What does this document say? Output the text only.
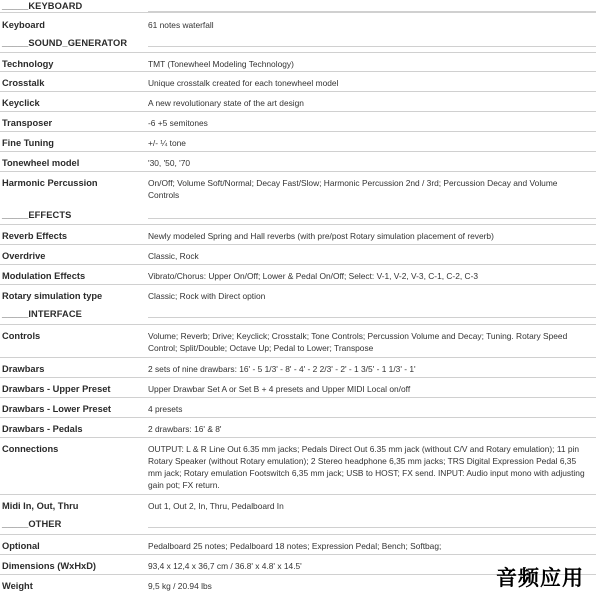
_____KEYBOARD
Keyboard	61 notes waterfall
_____SOUND_GENERATOR
Technology	TMT (Tonewheel Modeling Technology)
Crosstalk	Unique crosstalk created for each tonewheel model
Keyclick	A new revolutionary state of the art design
Transposer	-6 +5 semitones
Fine Tuning	+/- ¼ tone
Tonewheel model	'30, '50, '70
Harmonic Percussion	On/Off; Volume Soft/Normal; Decay Fast/Slow; Harmonic Percussion 2nd / 3rd; Percussion Decay and Volume Controls
_____EFFECTS
Reverb Effects	Newly modeled Spring and Hall reverbs (with pre/post Rotary simulation placement of reverb)
Overdrive	Classic, Rock
Modulation Effects	Vibrato/Chorus: Upper On/Off; Lower & Pedal On/Off; Select: V-1, V-2, V-3, C-1, C-2, C-3
Rotary simulation type	Classic; Rock with Direct option
_____INTERFACE
Controls	Volume; Reverb; Drive; Keyclick; Crosstalk; Tone Controls; Percussion Volume and Decay; Tuning. Rotary Speed Control; Split/Double; Octave Up; Pedal to Lower; Transpose
Drawbars	2 sets of nine drawbars: 16' - 5 1/3' - 8' - 4' - 2 2/3' - 2' - 1 3/5' - 1 1/3' - 1'
Drawbars - Upper Preset	Upper Drawbar Set A or Set B + 4 presets and Upper MIDI Local on/off
Drawbars - Lower Preset	4 presets
Drawbars - Pedals	2 drawbars: 16' & 8'
Connections	OUTPUT: L & R Line Out 6.35 mm jacks; Pedals Direct Out 6.35 mm jack (without C/V and Rotary emulation); 11 pin Rotary Speaker (without Rotary emulation); 2 Stereo headphone 6,35 mm jacks; TRS Digital Expression Pedal 6,35 mm jack; Rotary emulation Footswitch 6,35 mm jack; USB to HOST; FX send. INPUT: Audio input mono with adjusting gain pot; FX return.
Midi In, Out, Thru	Out 1, Out 2, In, Thru, Pedalboard In
_____OTHER
Optional	Pedalboard 25 notes; Pedalboard 18 notes; Expression Pedal; Bench; Softbag;
Dimensions (WxHxD)	93,4 x 12,4 x 36,7 cm / 36.8' x 4.8' x 14.5'
Weight	9,5 kg / 20.94 lbs	音频应用
